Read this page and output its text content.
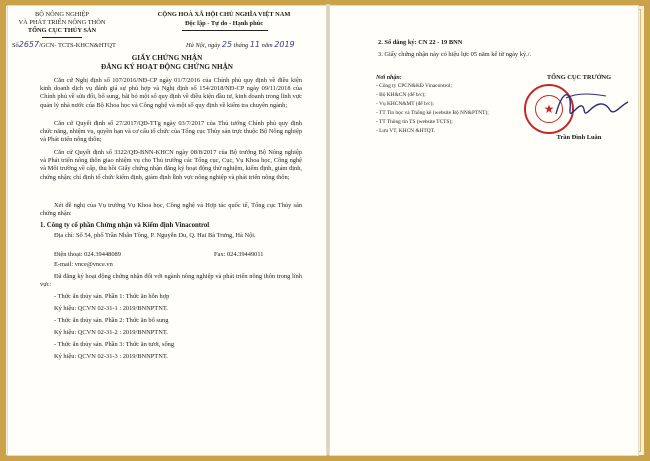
BỘ NÔNG NGHIỆP
VÀ PHÁT TRIỂN NÔNG THÔN
TỔNG CỤC THỦY SẢN
CỘNG HOÀ XÃ HỘI CHỦ NGHĨA VIỆT NAM
Độc lập - Tự do - Hạnh phúc
Số2657/GCN- TCTS-KHCN&HTQT	Hà Nội, ngày 25 tháng 11 năm 2019
GIẤY CHỨNG NHẬN
ĐĂNG KÝ HOẠT ĐỘNG CHỨNG NHẬN
Căn cứ Nghị định số 107/2016/NĐ-CP ngày 01/7/2016 của Chính phủ quy định về điều kiện kinh doanh dịch vụ đánh giá sự phù hợp và Nghị định số 154/2018/NĐ-CP ngày 09/11/2018 của Chính phủ về sửa đổi, bổ sung, bãi bỏ một số quy định về điều kiện đầu tư, kinh doanh trong lĩnh vực quản lý nhà nước của Bộ Khoa học và Công nghệ và một số quy định về kiểm tra chuyên ngành;
Căn cứ Quyết định số 27/2017/QĐ-TTg ngày 03/7/2017 của Thủ tướng Chính phủ quy định chức năng, nhiệm vụ, quyền hạn và cơ cấu tổ chức của Tổng cục Thủy sản trực thuộc Bộ Nông nghiệp và Phát triển nông thôn;
Căn cứ Quyết định số 3322/QĐ-BNN-KHCN ngày 08/8/2017 của Bộ trưởng Bộ Nông nghiệp và Phát triển nông thôn giao nhiệm vụ cho Thủ trưởng các Tổng cục, Cục, Vụ Khoa học, Công nghệ và Môi trường về cấp, thu hồi Giấy chứng nhận đăng ký hoạt động thử nghiệm, kiểm định, giám định, chứng nhận; chỉ định tổ chức kiểm định, giám định lĩnh vực nông nghiệp và phát triển nông thôn;
Xét đề nghị của Vụ trưởng Vụ Khoa học, Công nghệ và Hợp tác quốc tế, Tổng cục Thủy sản chứng nhận:
1. Công ty cổ phần Chứng nhận và Kiểm định Vinacontrol
Địa chỉ: Số 54, phố Trần Nhân Tông, P. Nguyễn Du, Q. Hai Bà Trưng, Hà Nội.
Điện thoại: 024.39448089	Fax: 024.39449011
E-mail: vnce@vnce.vn
Đã đăng ký hoạt động chứng nhận đối với ngành nông nghiệp và phát triển nông thôn trong lĩnh vực:
- Thức ăn thủy sản. Phần 1: Thức ăn hỗn hợp
Ký hiệu: QCVN 02-31-1 : 2019/BNNPTNT.
- Thức ăn thủy sản. Phần 2: Thức ăn bổ sung
Ký hiệu: QCVN 02-31-2 : 2019/BNNPTNT.
- Thức ăn thủy sản. Phần 3: Thức ăn tươi, sống
Ký hiệu: QCVN 02-31-3 : 2019/BNNPTNT.
2. Số đăng ký: CN 22 - 19 BNN
3. Giấy chứng nhận này có hiệu lực 05 năm kể từ ngày ký./.
Nơi nhận:
- Công ty CPCN&KĐ Vinacontrol;
- Bộ KH&CN (để b/c);
- Vụ KHCN&MT (để b/c);
- TT Tin học và Thống kê (website Bộ NN&PTNT);
- TT Thông tin TS (website TCTS);
- Lưu VT, KHCN &HTQT.
TỔNG CỤC TRƯỞNG
★
Trần Đình Luân
